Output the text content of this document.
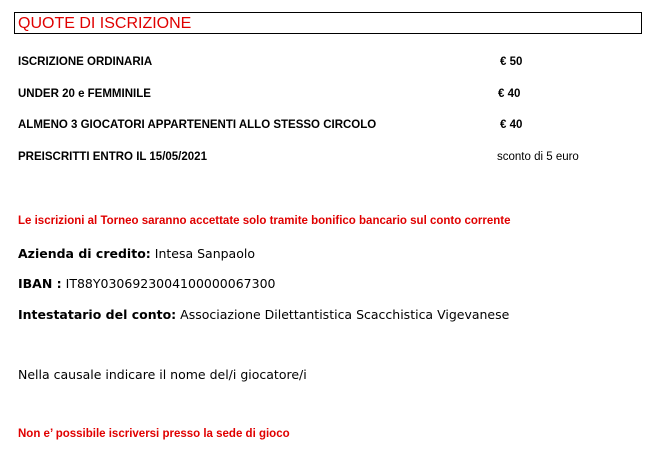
QUOTE DI ISCRIZIONE
ISCRIZIONE ORDINARIA	€ 50
UNDER 20 e FEMMINILE	€ 40
ALMENO 3 GIOCATORI APPARTENENTI ALLO STESSO CIRCOLO	€ 40
PREISCRITTI ENTRO IL 15/05/2021	sconto di 5 euro
Le iscrizioni al Torneo saranno accettate solo tramite bonifico bancario sul conto corrente
Azienda di credito: Intesa Sanpaolo
IBAN : IT88Y0306923004100000067300
Intestatario del conto: Associazione Dilettantistica Scacchistica Vigevanese
Nella causale indicare il nome del/i giocatore/i
Non e’ possibile iscriversi presso la sede di gioco
